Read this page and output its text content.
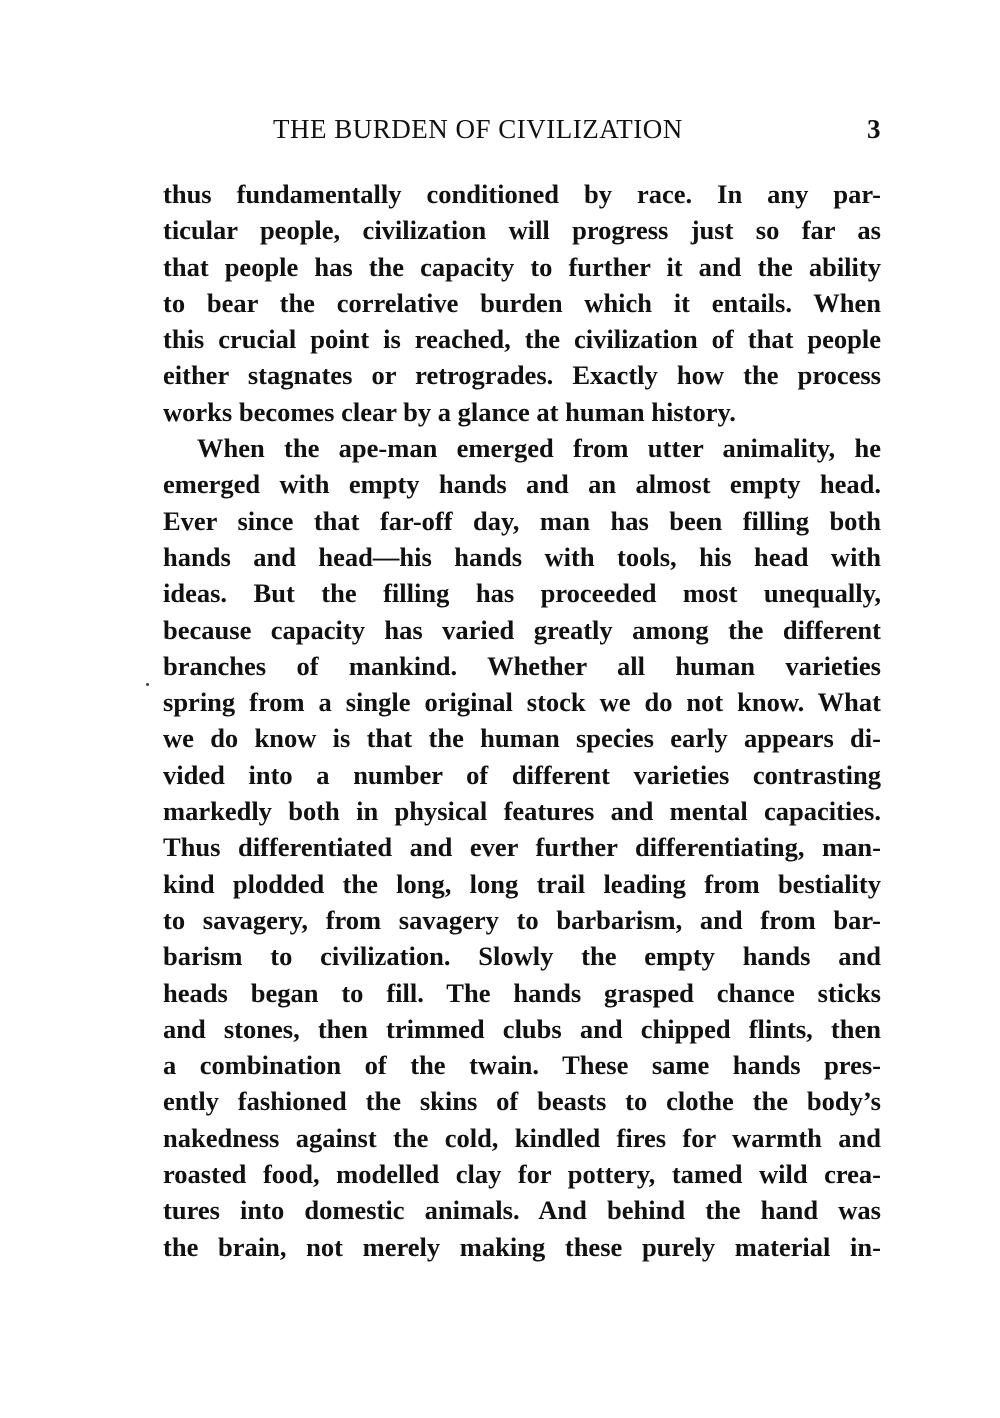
THE BURDEN OF CIVILIZATION	3
thus fundamentally conditioned by race. In any par-
ticular people, civilization will progress just so far as
that people has the capacity to further it and the ability
to bear the correlative burden which it entails. When
this crucial point is reached, the civilization of that people
either stagnates or retrogrades. Exactly how the process
works becomes clear by a glance at human history.
When the ape-man emerged from utter animality, he
emerged with empty hands and an almost empty head.
Ever since that far-off day, man has been filling both
hands and head—his hands with tools, his head with
ideas. But the filling has proceeded most unequally,
because capacity has varied greatly among the different
branches of mankind. Whether all human varieties
spring from a single original stock we do not know. What
we do know is that the human species early appears di-
vided into a number of different varieties contrasting
markedly both in physical features and mental capacities.
Thus differentiated and ever further differentiating, man-
kind plodded the long, long trail leading from bestiality
to savagery, from savagery to barbarism, and from bar-
barism to civilization. Slowly the empty hands and
heads began to fill. The hands grasped chance sticks
and stones, then trimmed clubs and chipped flints, then
a combination of the twain. These same hands pres-
ently fashioned the skins of beasts to clothe the body’s
nakedness against the cold, kindled fires for warmth and
roasted food, modelled clay for pottery, tamed wild crea-
tures into domestic animals. And behind the hand was
the brain, not merely making these purely material in-
